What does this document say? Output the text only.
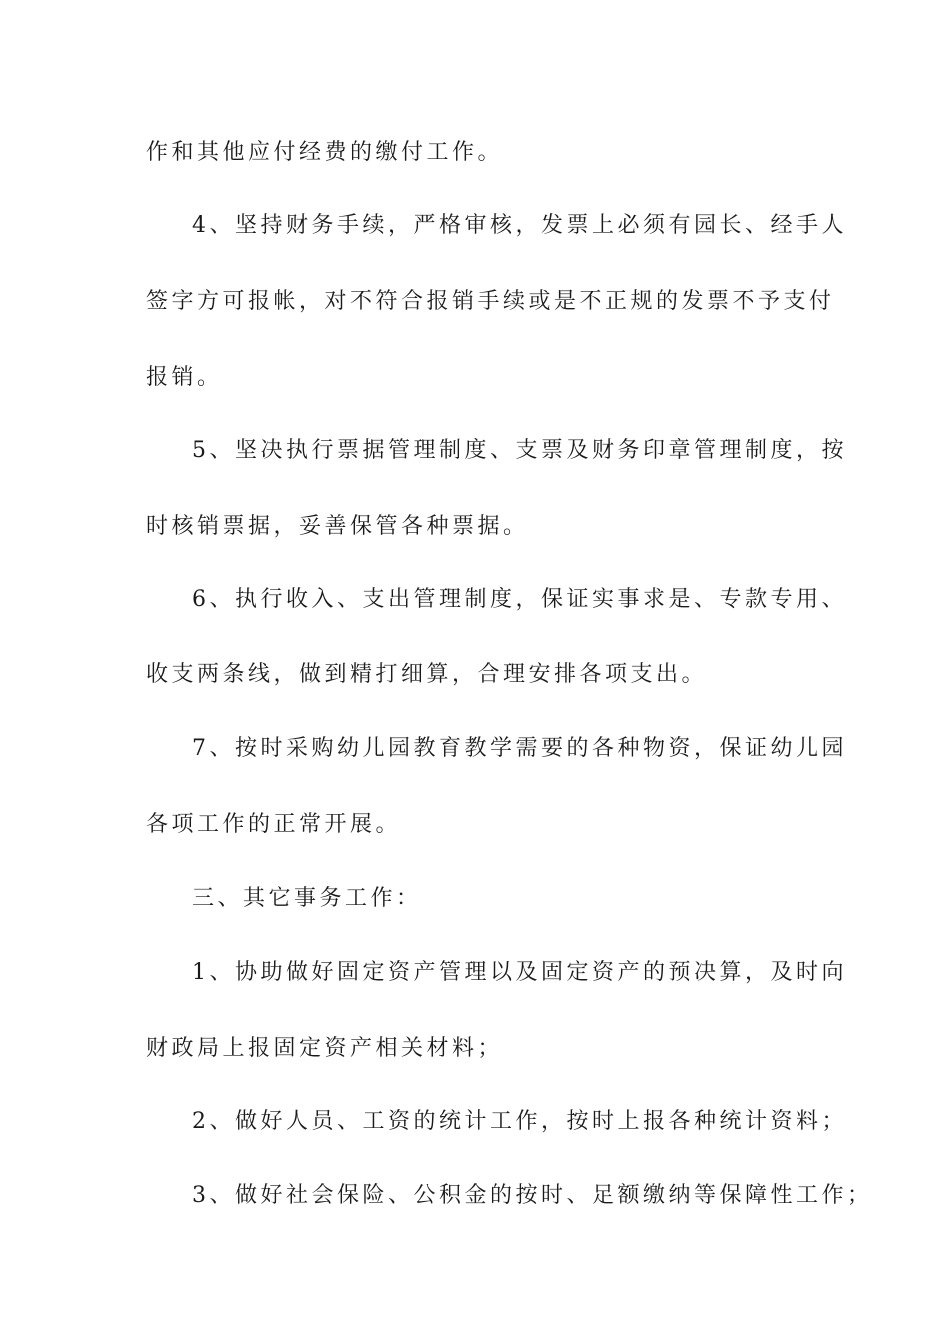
作和其他应付经费的缴付工作。
4、坚持财务手续，严格审核，发票上必须有园长、经手人
签字方可报帐，对不符合报销手续或是不正规的发票不予支付
报销。
5、坚决执行票据管理制度、支票及财务印章管理制度，按
时核销票据，妥善保管各种票据。
6、执行收入、支出管理制度，保证实事求是、专款专用、
收支两条线，做到精打细算，合理安排各项支出。
7、按时采购幼儿园教育教学需要的各种物资，保证幼儿园
各项工作的正常开展。
三、其它事务工作：
1、协助做好固定资产管理以及固定资产的预决算，及时向
财政局上报固定资产相关材料；
2、做好人员、工资的统计工作，按时上报各种统计资料；
3、做好社会保险、公积金的按时、足额缴纳等保障性工作；
